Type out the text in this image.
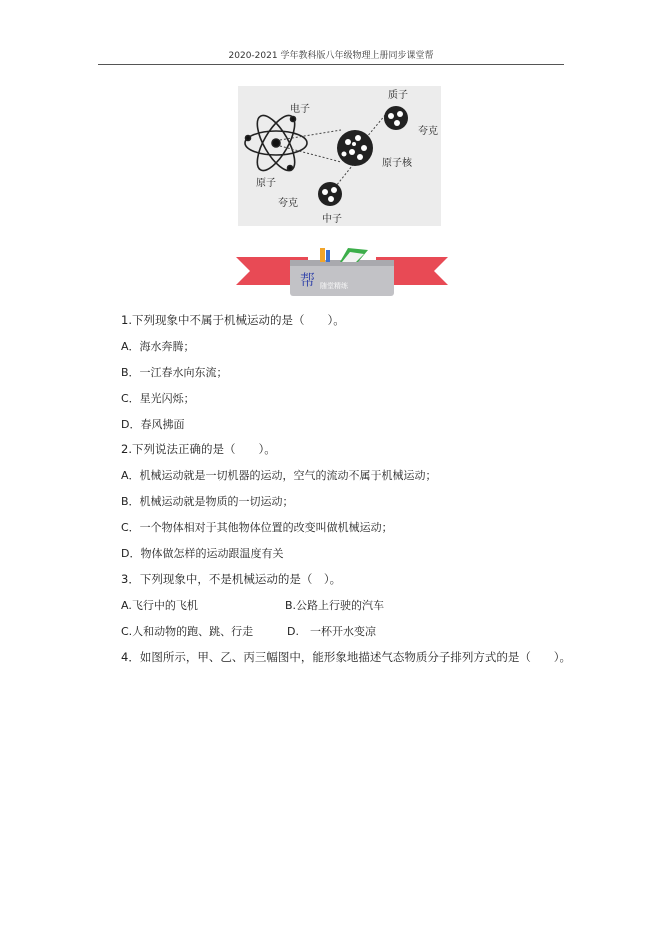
2020-2021 学年教科版八年级物理上册同步课堂帮
电子
质子
夸克
原子核
原子
夸克
中子
帮 随堂精练
1.下列现象中不属于机械运动的是（　　）。
A．海水奔腾；
B．一江春水向东流；
C．星光闪烁；
D．春风拂面
2.下列说法正确的是（　　）。
A．机械运动就是一切机器的运动，空气的流动不属于机械运动；
B．机械运动就是物质的一切运动；
C．一个物体相对于其他物体位置的改变叫做机械运动；
D．物体做怎样的运动跟温度有关
3．下列现象中，不是机械运动的是（　）。
A.飞行中的飞机	B.公路上行驶的汽车
C.人和动物的跑、跳、行走	D.　一杯开水变凉
4．如图所示，甲、乙、丙三幅图中，能形象地描述气态物质分子排列方式的是（　　）。
